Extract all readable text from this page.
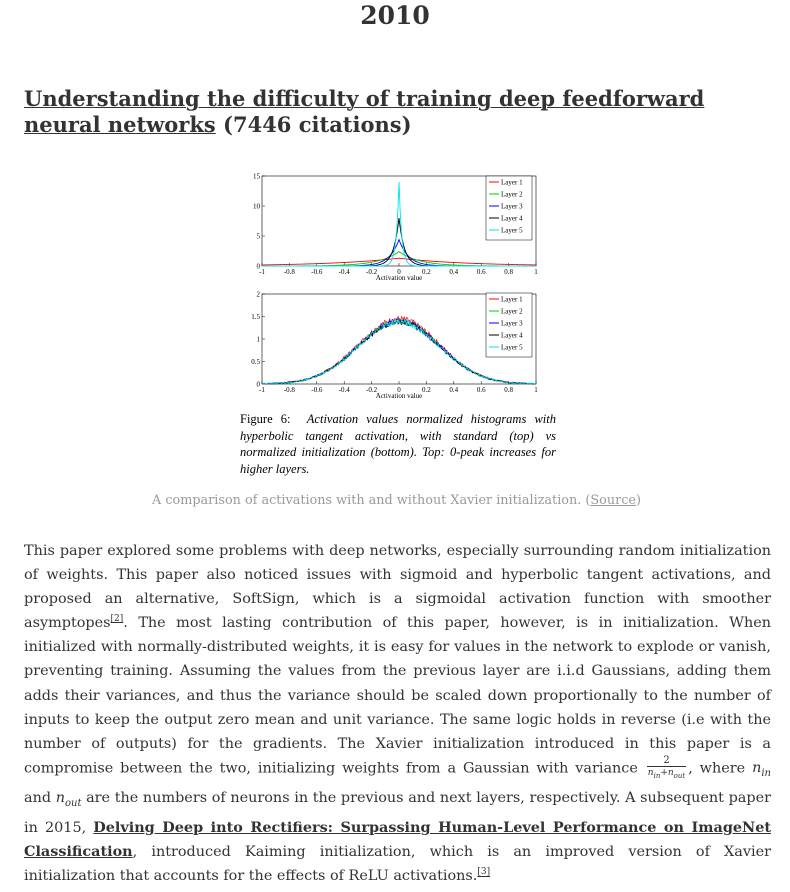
2010
Understanding the difficulty of training deep feedforward neural networks (7446 citations)
-1	-0.8 -0.6 -0.4 -0.2	0	0.2	0.4	0.6	0.8	1
15
10
5
0
Activation value
Layer 1
Layer 2
Layer 3
Layer 4
Layer 5
-1	-0.8 -0.6 -0.4 -0.2	0	0.2	0.4	0.6	0.8	1
2
1.5
1
0.5
0
Activation value
Layer 1
Layer 2
Layer 3
Layer 4
Layer 5
Figure 6: Activation values normalized histograms with hyperbolic tangent activation, with standard (top) vs normalized initialization (bottom). Top: 0-peak increases for higher layers.
A comparison of activations with and without Xavier initialization. (Source)

This paper explored some problems with deep networks, especially surrounding random initialization of weights. This paper also noticed issues with sigmoid and hyperbolic tangent activations, and proposed an alternative, SoftSign, which is a sigmoidal activation function with smoother asymptopes[2]. The most lasting contribution of this paper, however, is in initialization. When initialized with normally-distributed weights, it is easy for values in the network to explode or vanish, preventing training. Assuming the values from the previous layer are i.i.d Gaussians, adding them adds their variances, and thus the variance should be scaled down proportionally to the number of inputs to keep the output zero mean and unit variance. The same logic holds in reverse (i.e with the number of outputs) for the gradients. The Xavier initialization introduced in this paper is a compromise between the two, initializing weights from a Gaussian with variance $\frac{2}{n_{in}+n_{out}}$ , where $n_{in}$ and $n_{out}$ are the numbers of neurons in the previous and next layers, respectively. A subsequent paper in 2015, Delving Deep into Rectifiers: Surpassing Human-Level Performance on ImageNet Classification, introduced Kaiming initialization, which is an improved version of Xavier initialization that accounts for the effects of ReLU activations.[3]
